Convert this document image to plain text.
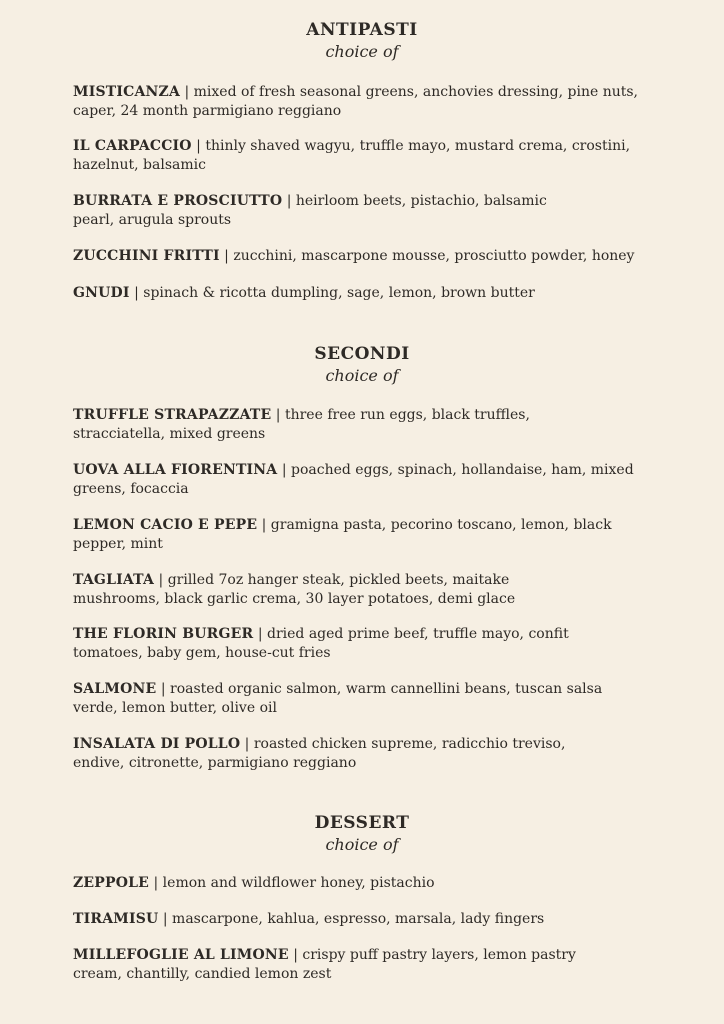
ANTIPASTI

choice of

MISTICANZA | mixed of fresh seasonal greens, anchovies dressing, pine nuts, caper, 24 month parmigiano reggiano
IL CARPACCIO | thinly shaved wagyu, truffle mayo, mustard crema, crostini, hazelnut, balsamic
BURRATA E PROSCIUTTO | heirloom beets, pistachio, balsamic pearl, arugula sprouts
ZUCCHINI FRITTI | zucchini, mascarpone mousse, prosciutto powder, honey
GNUDI | spinach & ricotta dumpling, sage, lemon, brown butter
SECONDI

choice of

TRUFFLE STRAPAZZATE | three free run eggs, black truffles, stracciatella, mixed greens
UOVA ALLA FIORENTINA | poached eggs, spinach, hollandaise, ham, mixed greens, focaccia
LEMON CACIO E PEPE | gramigna pasta, pecorino toscano, lemon, black pepper, mint
TAGLIATA | grilled 7oz hanger steak, pickled beets, maitake mushrooms, black garlic crema, 30 layer potatoes, demi glace
THE FLORIN BURGER | dried aged prime beef, truffle mayo, confit tomatoes, baby gem, house-cut fries
SALMONE | roasted organic salmon, warm cannellini beans, tuscan salsa verde, lemon butter, olive oil
INSALATA DI POLLO | roasted chicken supreme, radicchio treviso, endive, citronette, parmigiano reggiano
DESSERT

choice of

ZEPPOLE | lemon and wildflower honey, pistachio
TIRAMISU | mascarpone, kahlua, espresso, marsala, lady fingers
MILLEFOGLIE AL LIMONE | crispy puff pastry layers, lemon pastry cream, chantilly, candied lemon zest
